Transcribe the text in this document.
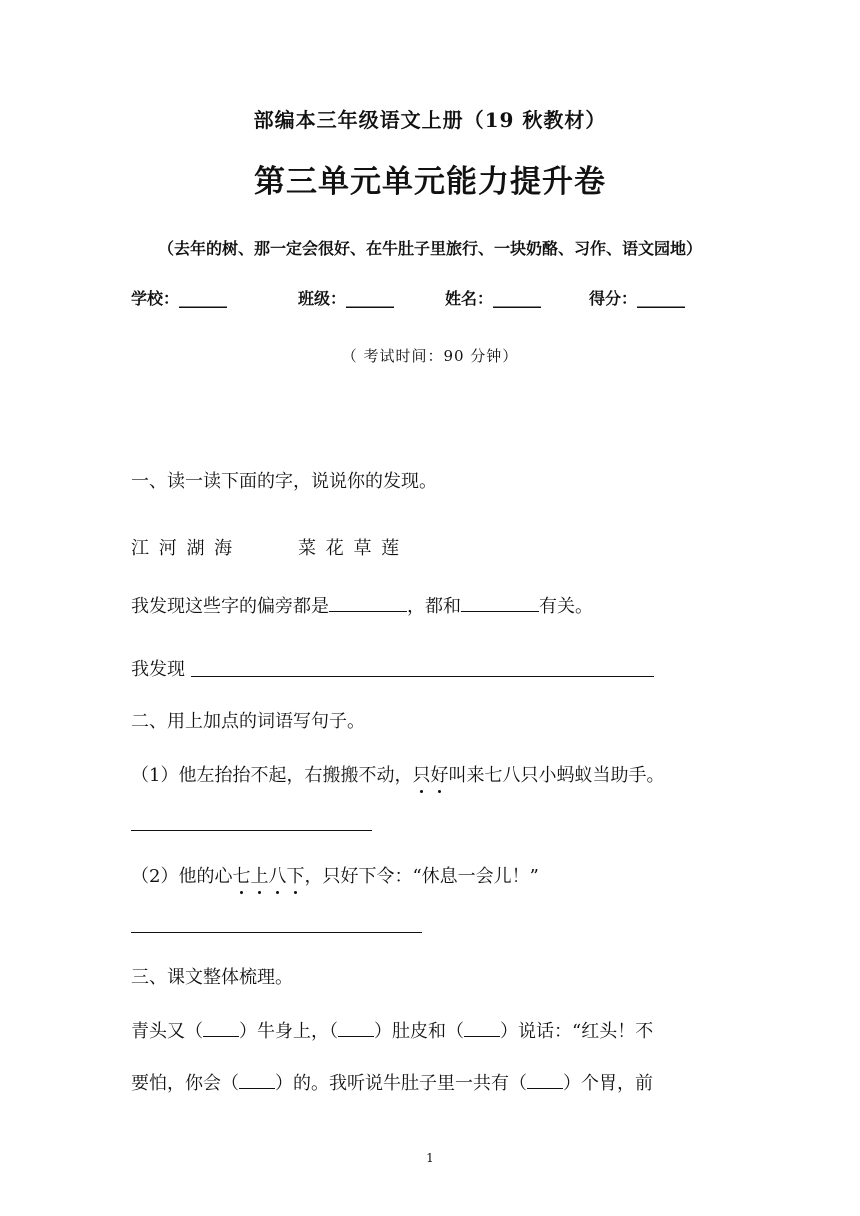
部编本三年级语文上册（19 秋教材）
第三单元单元能力提升卷
（去年的树、那一定会很好、在牛肚子里旅行、一块奶酪、习作、语文园地）
学校：______	班级：______	姓名：______	得分：______
（ 考试时间：90 分钟）
一、读一读下面的字，说说你的发现。
江 河 湖 海	菜 花 草 莲
我发现这些字的偏旁都是	，都和	有关。
我发现
二、用上加点的词语写句子。
（1）他左抬抬不起，右搬搬不动，只好叫来七八只小蚂蚁当助手。
（2）他的心七上八下，只好下令：“休息一会儿！”
三、课文整体梳理。
青头又（ ）牛身上，（ ）肚皮和（ ）说话：“红头！不
要怕，你会（ ）的。我听说牛肚子里一共有（ ）个胃，前
1
